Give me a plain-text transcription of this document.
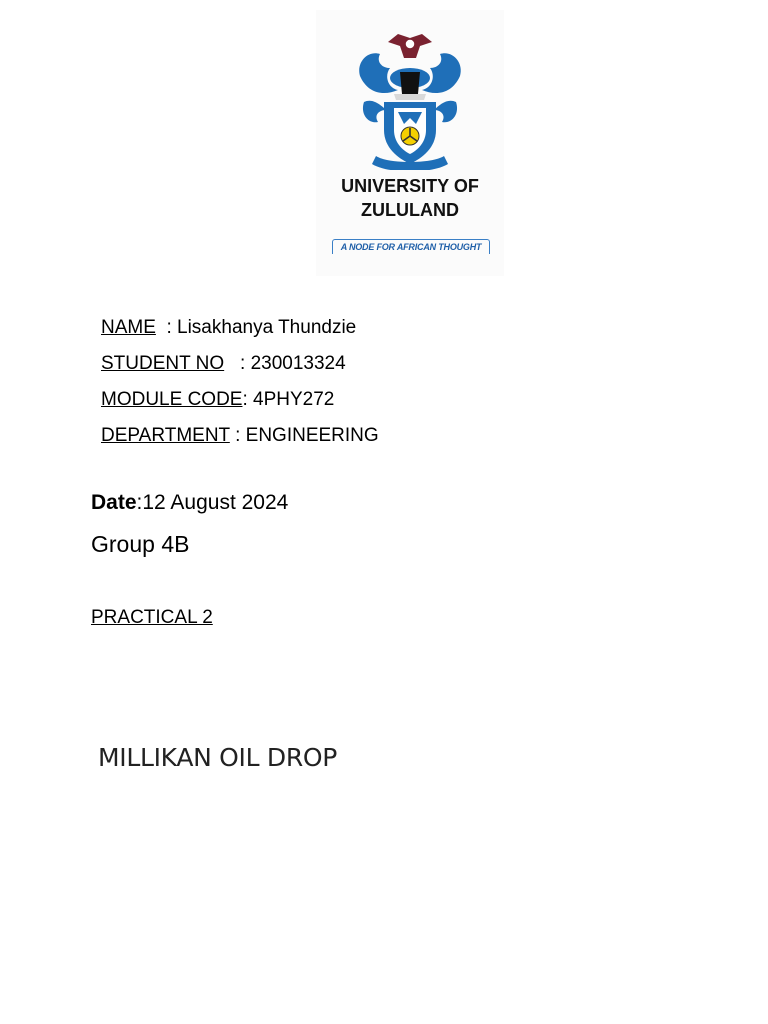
UNIVERSITY OF
ZULULAND
A NODE FOR AFRICAN THOUGHT
NAME  : Lisakhanya Thundzie
STUDENT NO   : 230013324
MODULE CODE: 4PHY272
DEPARTMENT : ENGINEERING
Date:12 August 2024
Group 4B
PRACTICAL 2
MILLIKAN OIL DROP
